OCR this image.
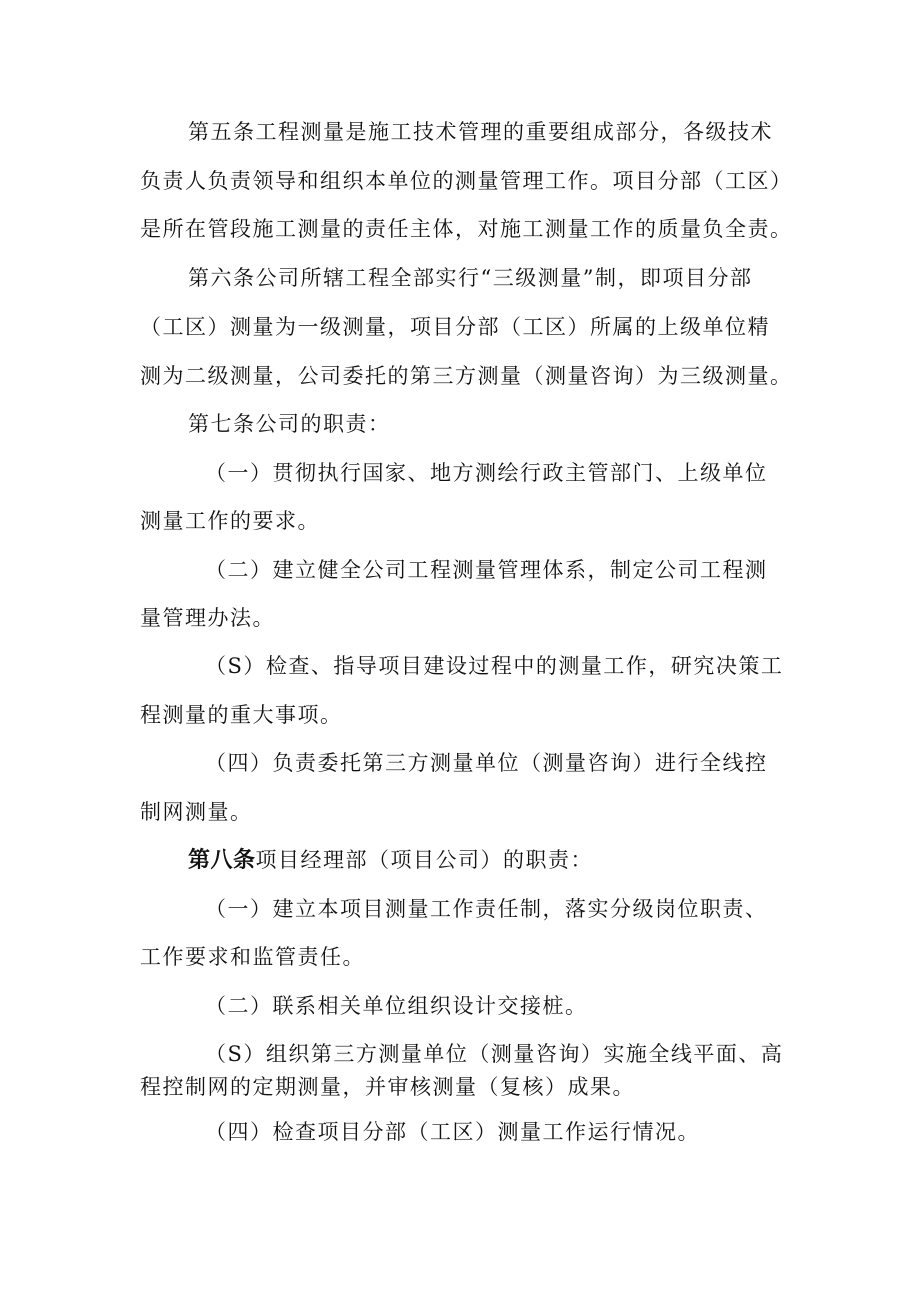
第五条工程测量是施工技术管理的重要组成部分，各级技术
负责人负责领导和组织本单位的测量管理工作。项目分部（工区）
是所在管段施工测量的责任主体，对施工测量工作的质量负全责。
第六条公司所辖工程全部实行“三级测量”制，即项目分部
（工区）测量为一级测量，项目分部（工区）所属的上级单位精
测为二级测量，公司委托的第三方测量（测量咨询）为三级测量。
第七条公司的职责：
（一）贯彻执行国家、地方测绘行政主管部门、上级单位
测量工作的要求。
（二）建立健全公司工程测量管理体系，制定公司工程测
量管理办法。
（S）检查、指导项目建设过程中的测量工作，研究决策工
程测量的重大事项。
（四）负责委托第三方测量单位（测量咨询）进行全线控
制网测量。
第八条项目经理部（项目公司）的职责：
（一）建立本项目测量工作责任制，落实分级岗位职责、
工作要求和监管责任。
（二）联系相关单位组织设计交接桩。
（S）组织第三方测量单位（测量咨询）实施全线平面、高
程控制网的定期测量，并审核测量（复核）成果。
（四）检查项目分部（工区）测量工作运行情况。
